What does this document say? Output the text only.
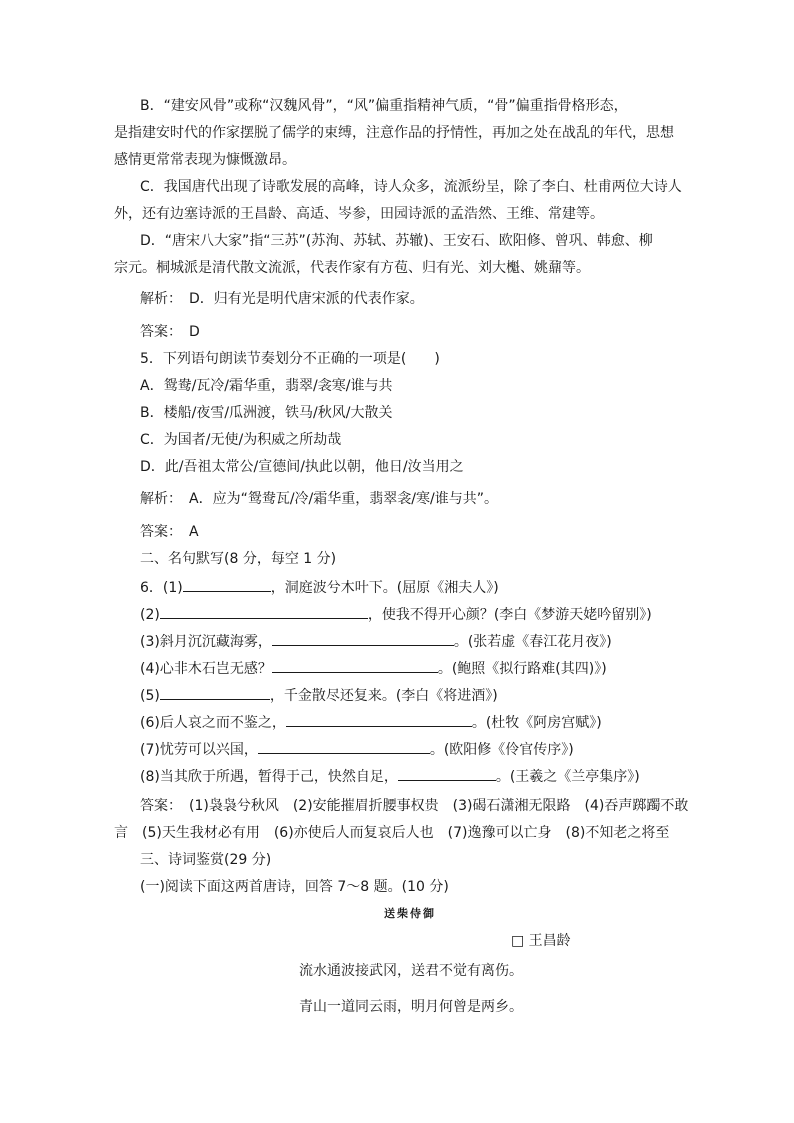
B．“建安风骨”或称“汉魏风骨”，“风”偏重指精神气质，“骨”偏重指骨格形态，
是指建安时代的作家摆脱了儒学的束缚，注意作品的抒情性，再加之处在战乱的年代，思想
感情更常常表现为慷慨激昂。
C．我国唐代出现了诗歌发展的高峰，诗人众多，流派纷呈，除了李白、杜甫两位大诗人
外，还有边塞诗派的王昌龄、高适、岑参，田园诗派的孟浩然、王维、常建等。
D．“唐宋八大家”指“三苏”(苏洵、苏轼、苏辙)、王安石、欧阳修、曾巩、韩愈、柳
宗元。桐城派是清代散文流派，代表作家有方苞、归有光、刘大櫆、姚鼐等。
解析：　D．归有光是明代唐宋派的代表作家。
答案：　D
5．下列语句朗读节奏划分不正确的一项是(　　)
A．鸳鸯/瓦冷/霜华重，翡翠/衾寒/谁与共
B．楼船/夜雪/瓜洲渡，铁马/秋风/大散关
C．为国者/无使/为积威之所劫哉
D．此/吾祖太常公/宣德间/执此以朝，他日/汝当用之
解析：　A．应为“鸳鸯瓦/冷/霜华重，翡翠衾/寒/谁与共”。
答案：　A
二、名句默写(8 分，每空 1 分)
6．(1)	，洞庭波兮木叶下。(屈原《湘夫人》)
(2)	，使我不得开心颜？(李白《梦游天姥吟留别》)
(3)斜月沉沉藏海雾，	。(张若虚《春江花月夜》)
(4)心非木石岂无感？	。(鲍照《拟行路难(其四)》)
(5)	，千金散尽还复来。(李白《将进酒》)
(6)后人哀之而不鉴之，	。(杜牧《阿房宫赋》)
(7)忧劳可以兴国，	。(欧阳修《伶官传序》)
(8)当其欣于所遇，暂得于己，快然自足，	。(王羲之《兰亭集序》)
答案：　(1)袅袅兮秋风　(2)安能摧眉折腰事权贵　(3)碣石潇湘无限路　(4)吞声踯躅不敢
言　(5)天生我材必有用　(6)亦使后人而复哀后人也　(7)逸豫可以亡身　(8)不知老之将至
三、诗词鉴赏(29 分)
(一)阅读下面这两首唐诗，回答 7～8 题。(10 分)
送柴侍御
□ 王昌龄
流水通波接武冈，送君不觉有离伤。
青山一道同云雨，明月何曾是两乡。
